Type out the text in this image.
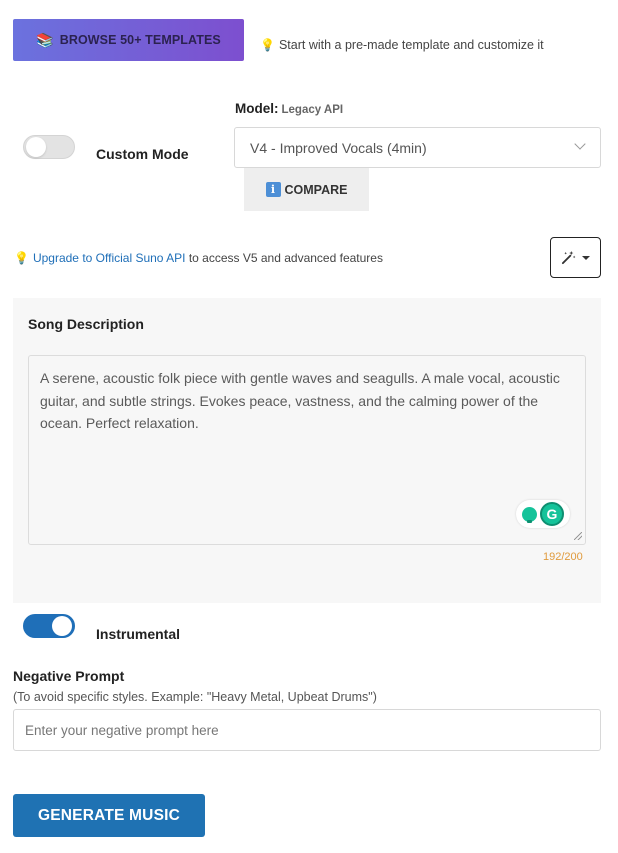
📚 BROWSE 50+ TEMPLATES	💡 Start with a pre-made template and customize it
Custom Mode
Model: Legacy API
V4 - Improved Vocals (4min)
i COMPARE
💡 Upgrade to Official Suno API to access V5 and advanced features
Song Description
A serene, acoustic folk piece with gentle waves and seagulls. A male vocal, acoustic guitar, and subtle strings. Evokes peace, vastness, and the calming power of the ocean. Perfect relaxation.
G
192/200
Instrumental
Negative Prompt
(To avoid specific styles. Example: "Heavy Metal, Upbeat Drums")
Enter your negative prompt here
GENERATE MUSIC
